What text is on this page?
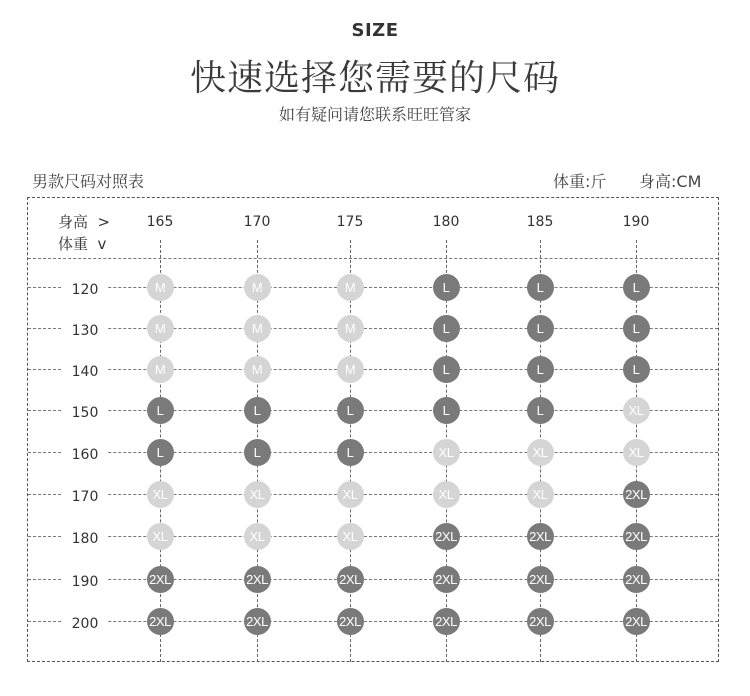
SIZE
快速选择您需要的尺码
如有疑问请您联系旺旺管家
男款尺码对照表	体重:斤 身高:CM
身高  >
体重  v
165	170	175	180	185	190
120	M	M	M	L	L	L
130	M	M	M	L	L	L
140	M	M	M	L	L	L
150	L	L	L	L	L	XL
160	L	L	L	XL	XL	XL
170	XL	XL	XL	XL	XL	2XL
180	XL	XL	XL	2XL	2XL	2XL
190	2XL	2XL	2XL	2XL	2XL	2XL
200	2XL	2XL	2XL	2XL	2XL	2XL
